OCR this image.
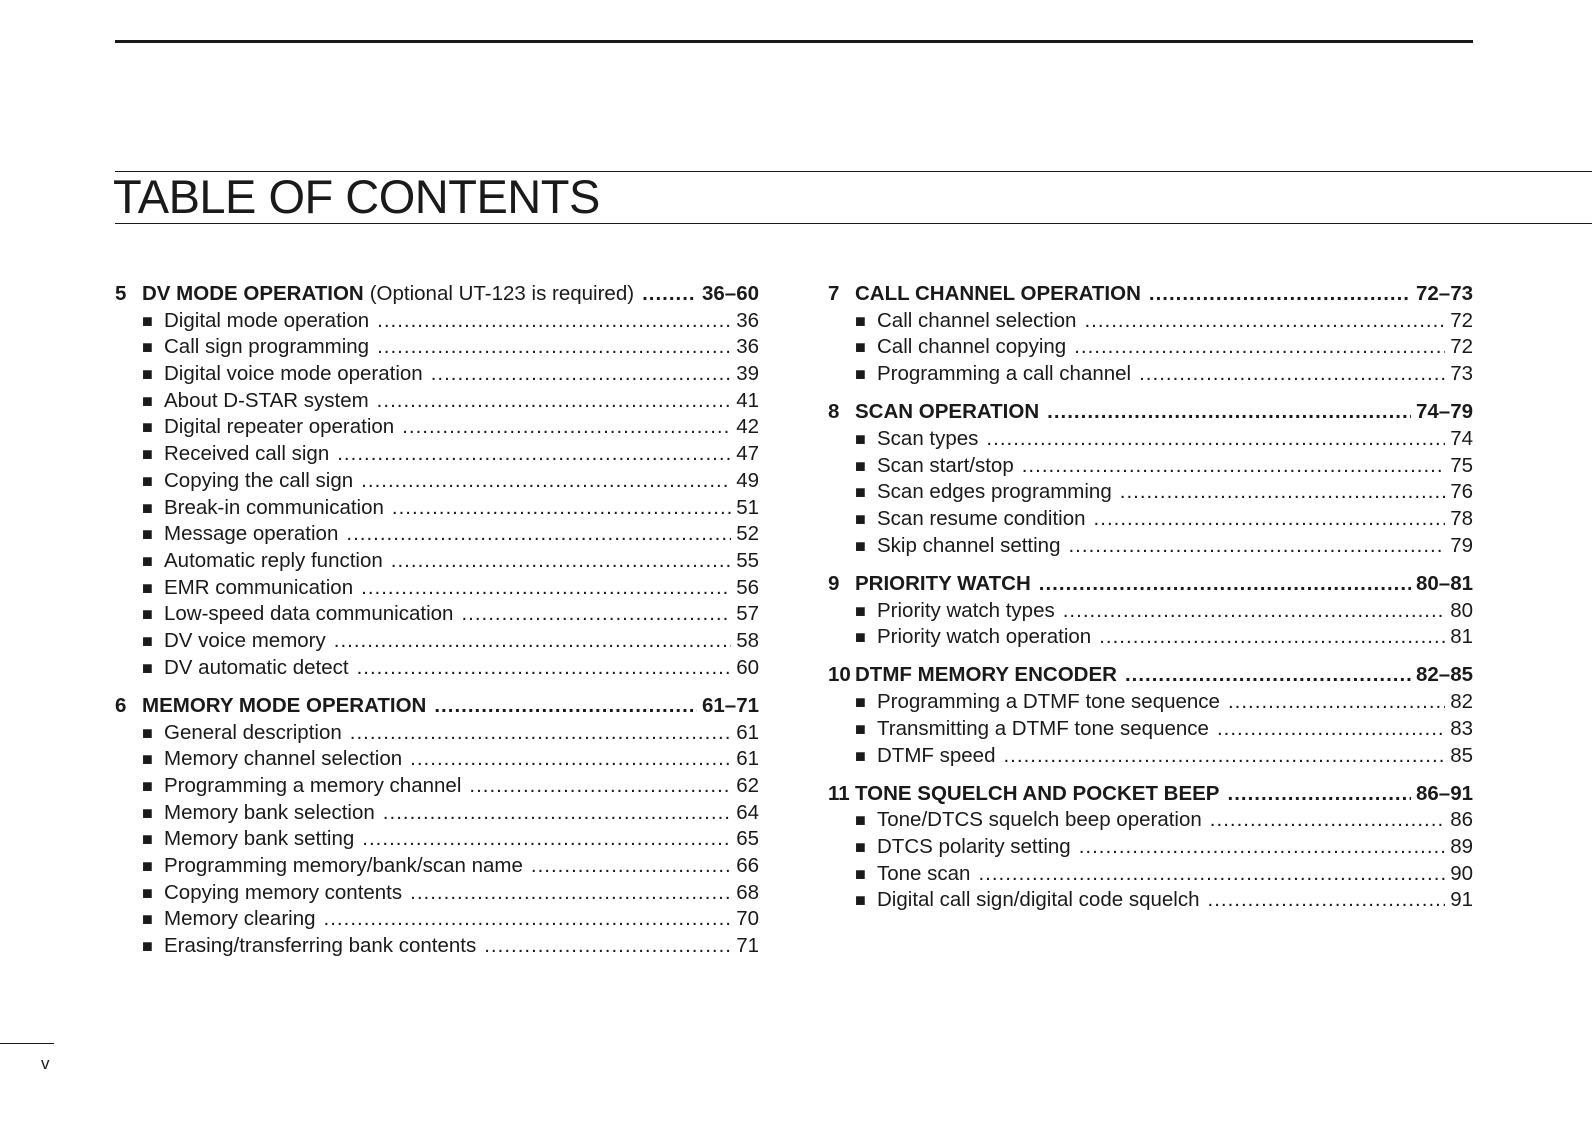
TABLE OF CONTENTS
5 DV MODE OPERATION (Optional UT-123 is required) .....	36–60
■ Digital mode operation .....	36
■ Call sign programming .....	36
■ Digital voice mode operation .....	39
■ About D-STAR system .....	41
■ Digital repeater operation .....	42
■ Received call sign .....	47
■ Copying the call sign .....	49
■ Break-in communication .....	51
■ Message operation .....	52
■ Automatic reply function .....	55
■ EMR communication .....	56
■ Low-speed data communication .....	57
■ DV voice memory .....	58
■ DV automatic detect .....	60
6 MEMORY MODE OPERATION .....	61–71
■ General description .....	61
■ Memory channel selection .....	61
■ Programming a memory channel .....	62
■ Memory bank selection .....	64
■ Memory bank setting .....	65
■ Programming memory/bank/scan name .....	66
■ Copying memory contents .....	68
■ Memory clearing .....	70
■ Erasing/transferring bank contents .....	71
7 CALL CHANNEL OPERATION .....	72–73
■ Call channel selection .....	72
■ Call channel copying .....	72
■ Programming a call channel .....	73
8 SCAN OPERATION .....	74–79
■ Scan types .....	74
■ Scan start/stop .....	75
■ Scan edges programming .....	76
■ Scan resume condition .....	78
■ Skip channel setting .....	79
9 PRIORITY WATCH .....	80–81
■ Priority watch types .....	80
■ Priority watch operation .....	81
10 DTMF MEMORY ENCODER .....	82–85
■ Programming a DTMF tone sequence .....	82
■ Transmitting a DTMF tone sequence .....	83
■ DTMF speed .....	85
11 TONE SQUELCH AND POCKET BEEP .....	86–91
■ Tone/DTCS squelch beep operation .....	86
■ DTCS polarity setting .....	89
■ Tone scan .....	90
■ Digital call sign/digital code squelch .....	91
v
